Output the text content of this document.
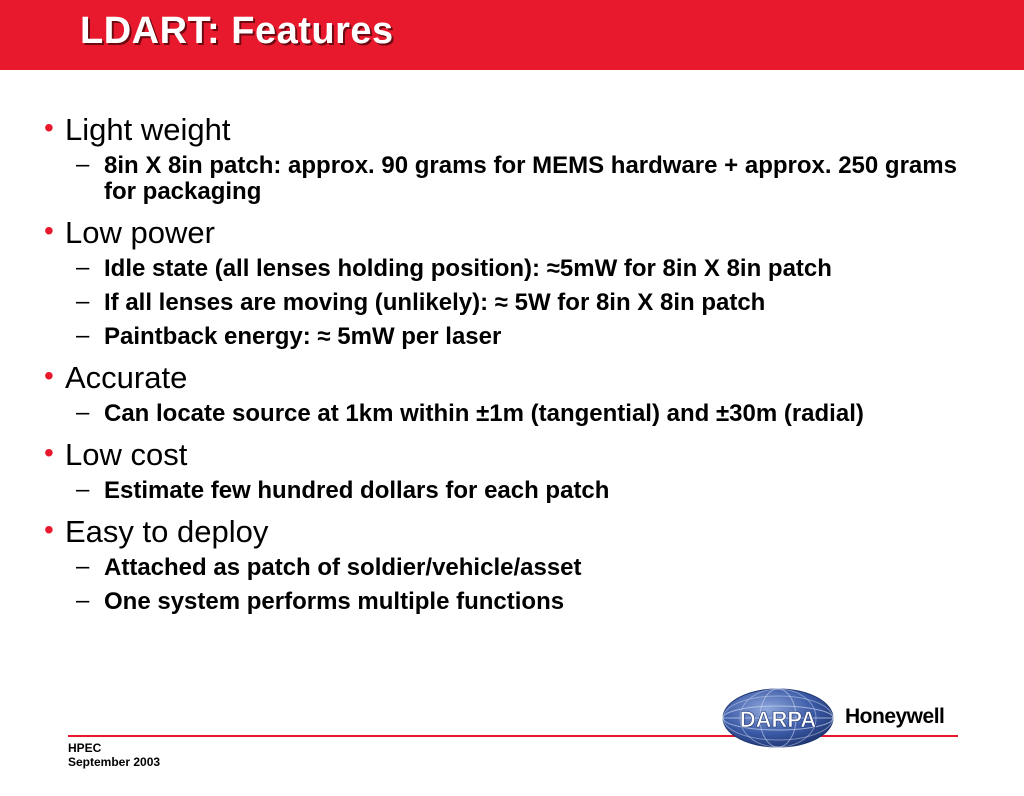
LDART: Features
• Light weight
– 8in X 8in patch: approx. 90 grams for MEMS hardware + approx. 250 grams for packaging
• Low power
– Idle state (all lenses holding position): ≈5mW for 8in X 8in patch
– If all lenses are moving (unlikely): ≈ 5W for 8in X 8in patch
– Paintback energy: ≈ 5mW per laser
• Accurate
– Can locate source at 1km within ±1m (tangential) and ±30m (radial)
• Low cost
– Estimate few hundred dollars for each patch
• Easy to deploy
– Attached as patch of soldier/vehicle/asset
– One system performs multiple functions
DARPA Honeywell
HPEC
September 2003
